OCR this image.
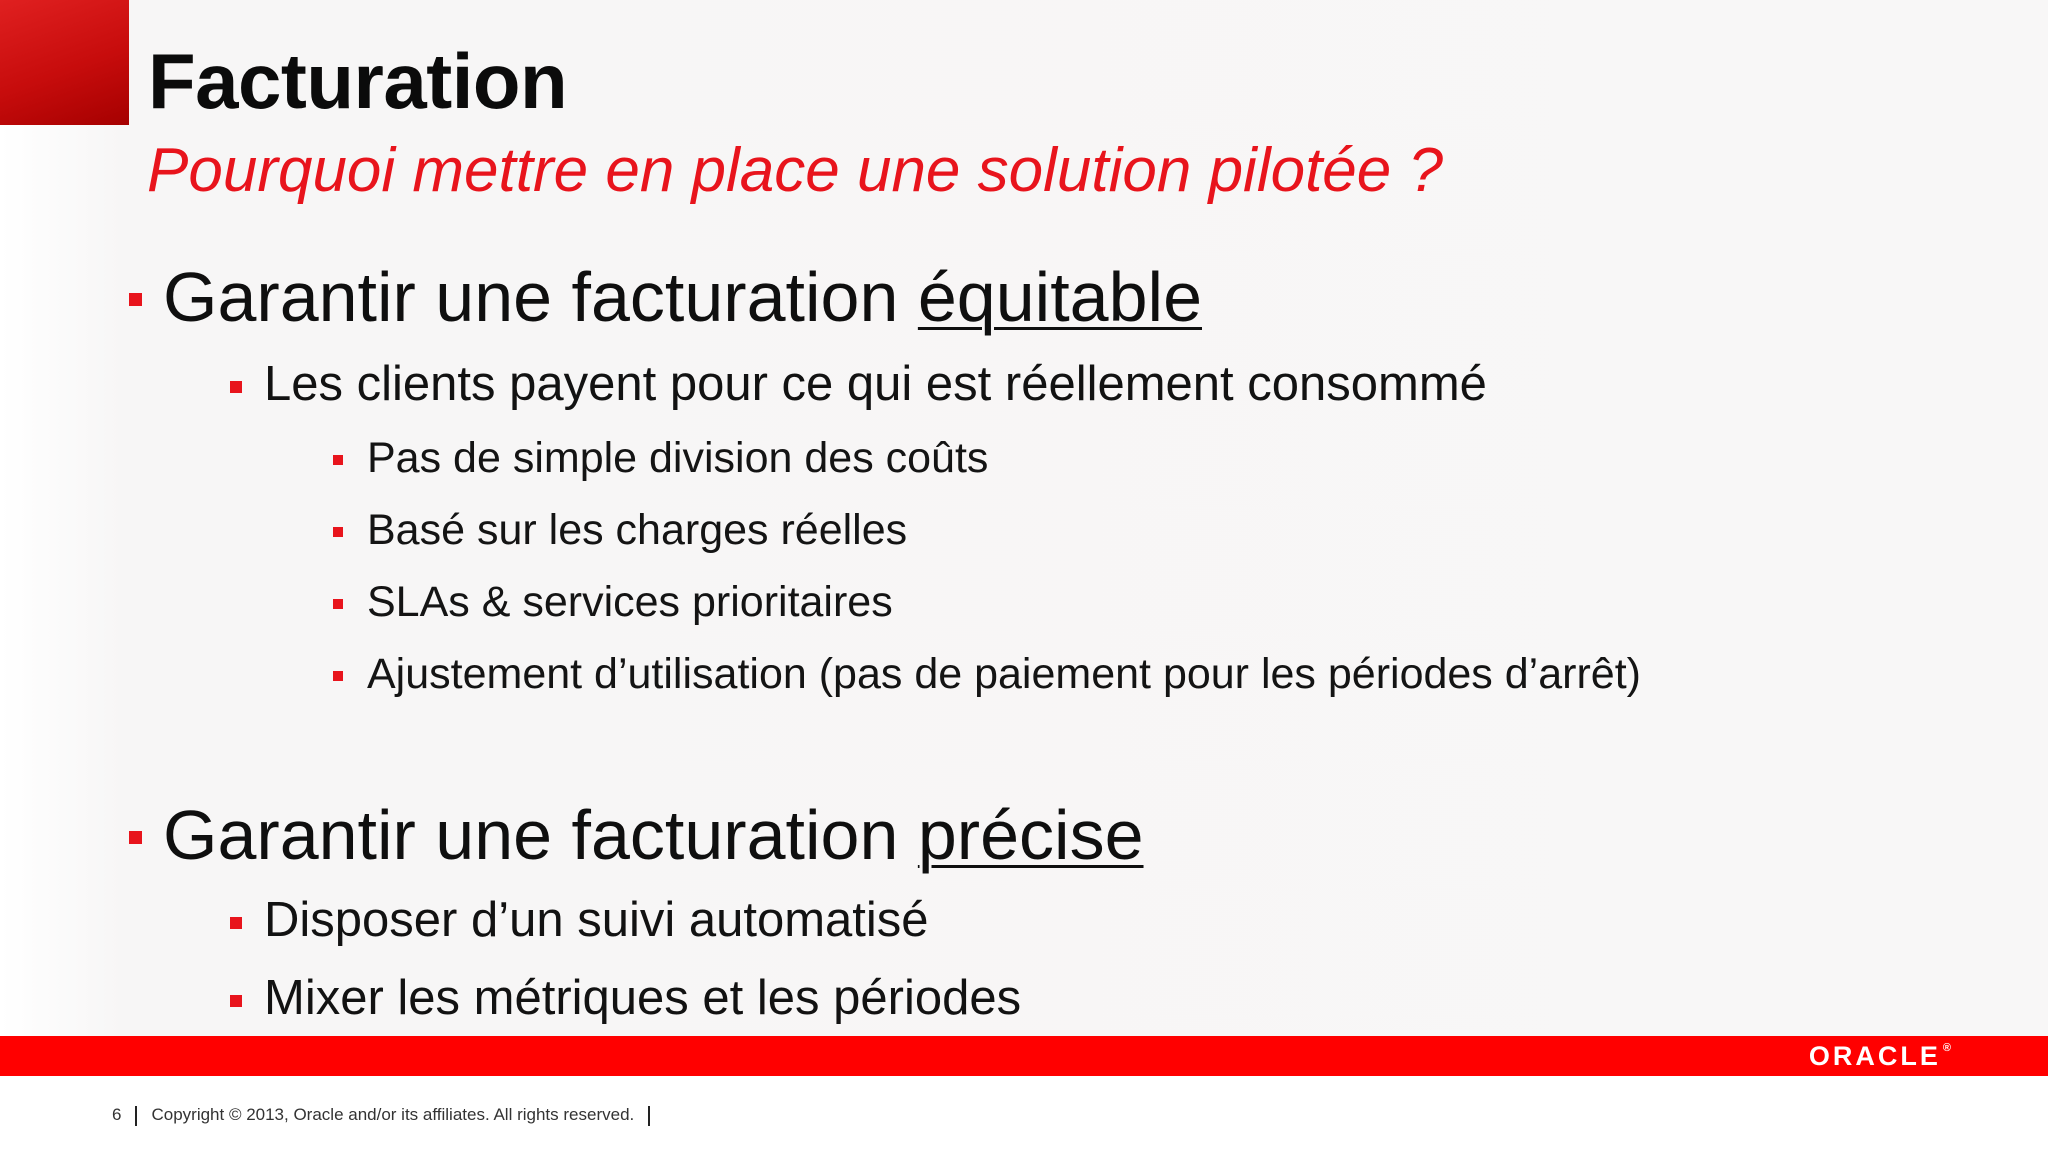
Facturation
Pourquoi mettre en place une solution pilotée ?
Garantir une facturation équitable
Les clients payent pour ce qui est réellement consommé
Pas de simple division des coûts
Basé sur les charges réelles
SLAs & services prioritaires
Ajustement d’utilisation (pas de paiement pour les périodes d’arrêt)
Garantir une facturation précise
Disposer d’un suivi automatisé
Mixer les métriques et les périodes
ORACLE ®
6 Copyright © 2013, Oracle and/or its affiliates. All rights reserved.
